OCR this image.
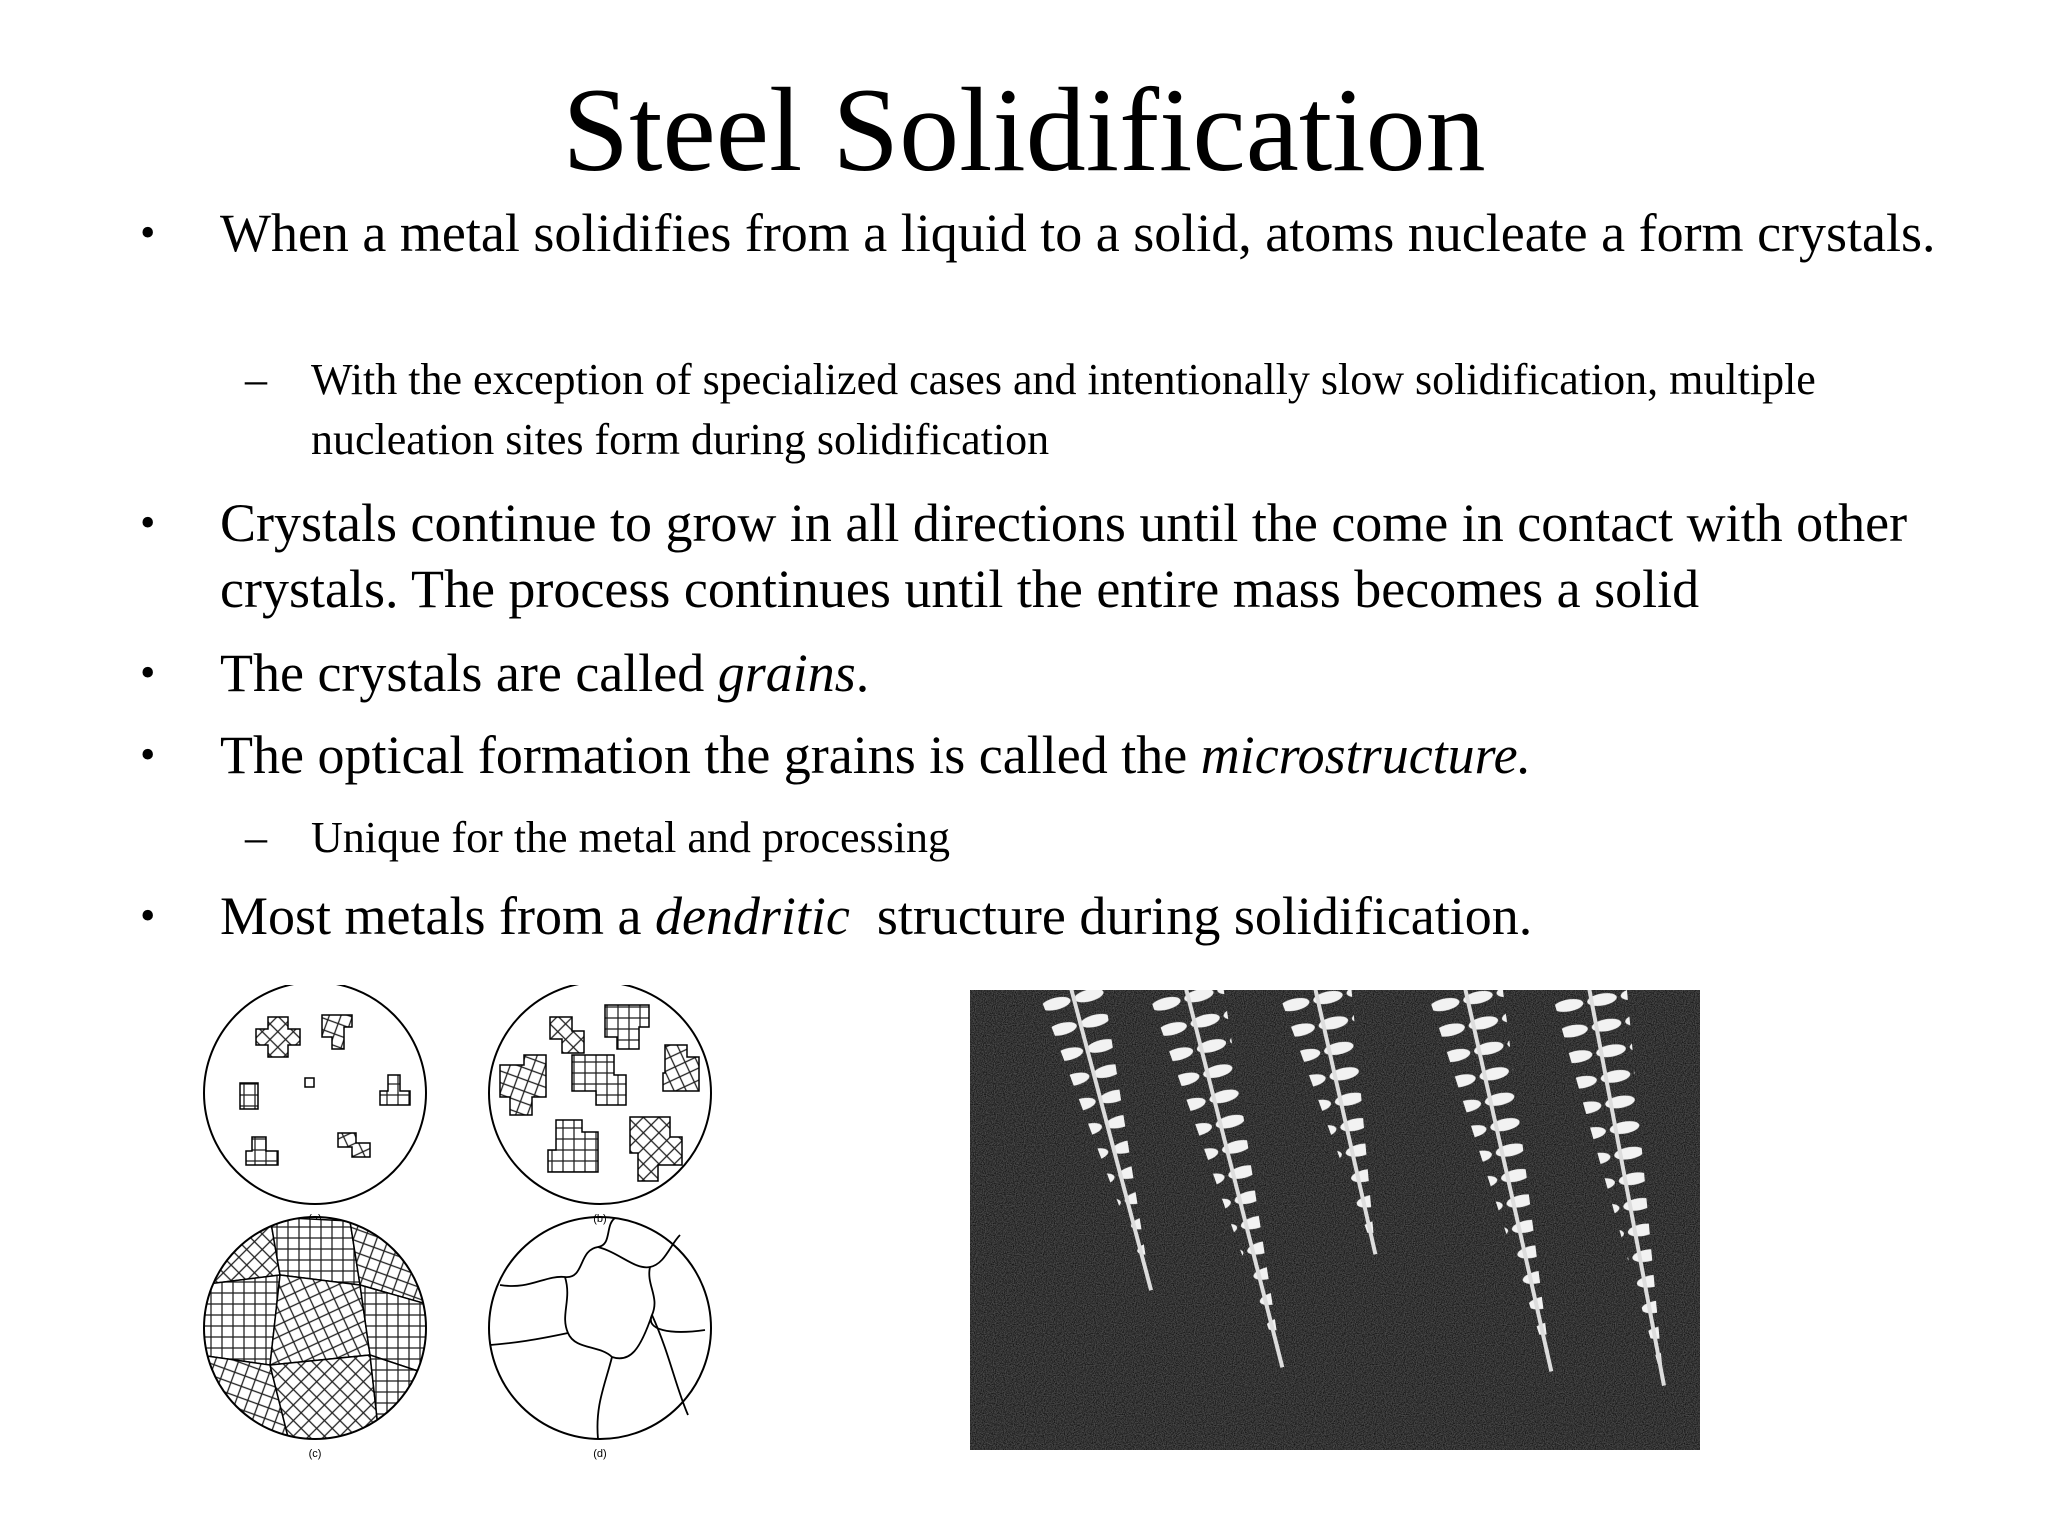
Steel Solidification
• When a metal solidifies from a liquid to a solid, atoms nucleate a form crystals.
– With the exception of specialized cases and intentionally slow solidification, multiple nucleation sites form during solidification
• Crystals continue to grow in all directions until the come in contact with other crystals. The process continues until the entire mass becomes a solid
• The crystals are called grains.
• The optical formation the grains is called the microstructure.
– Unique for the metal and processing
• Most metals from a dendritic  structure during solidification.
(b)
(c)	(d)
